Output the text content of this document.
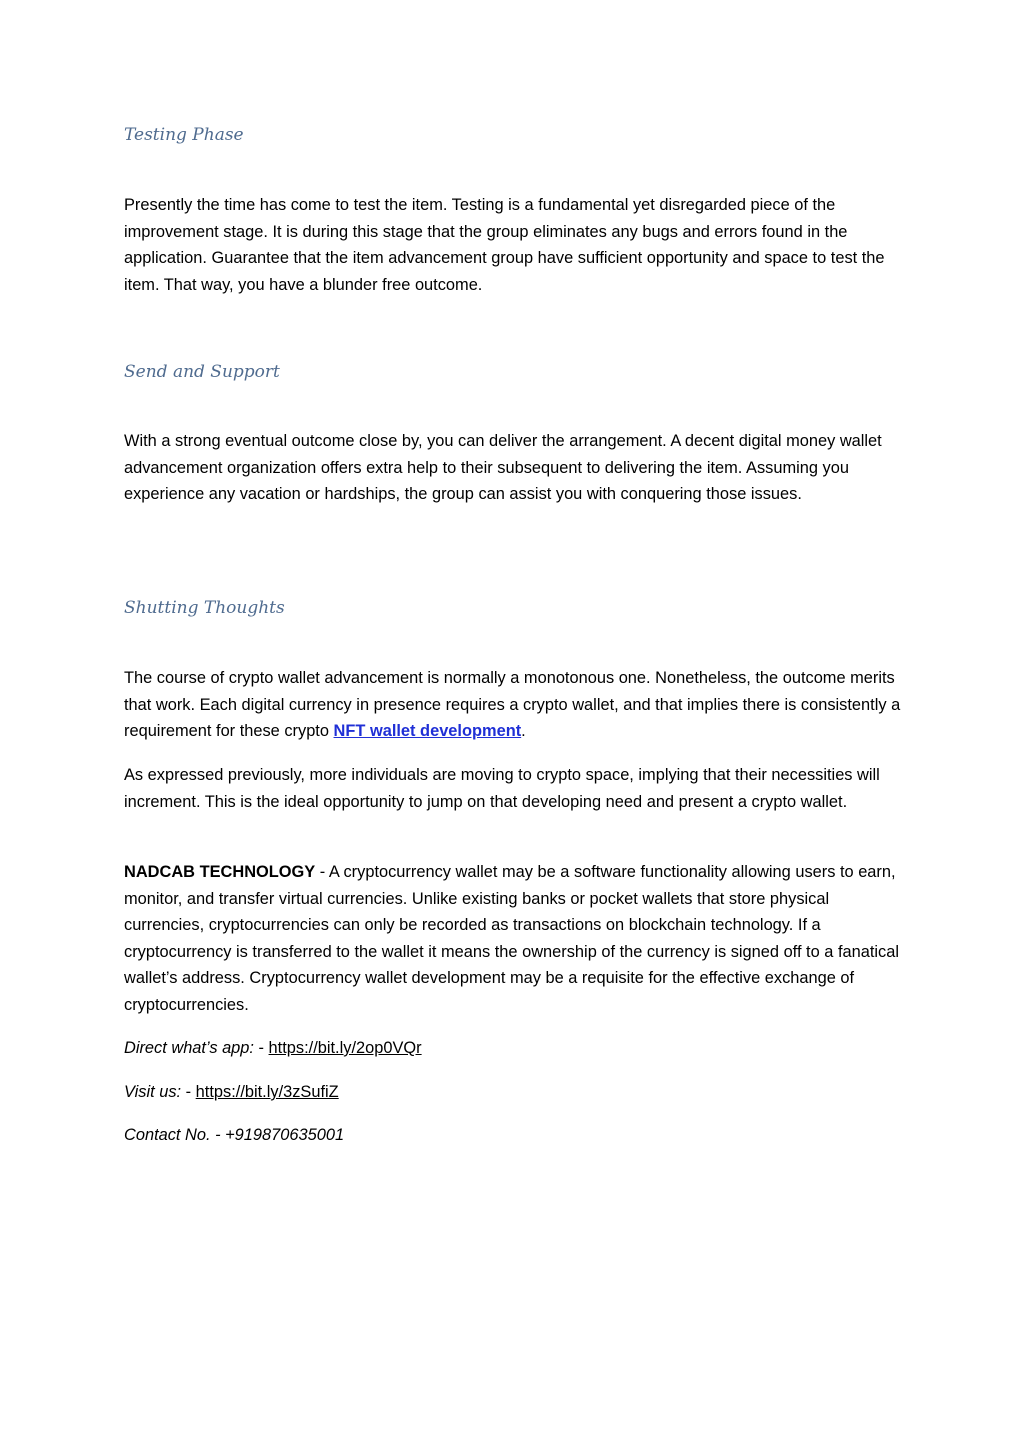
Testing Phase

Presently the time has come to test the item. Testing is a fundamental yet disregarded piece of the improvement stage. It is during this stage that the group eliminates any bugs and errors found in the application. Guarantee that the item advancement group have sufficient opportunity and space to test the item. That way, you have a blunder free outcome.

Send and Support

With a strong eventual outcome close by, you can deliver the arrangement. A decent digital money wallet advancement organization offers extra help to their subsequent to delivering the item. Assuming you experience any vacation or hardships, the group can assist you with conquering those issues.

Shutting Thoughts

The course of crypto wallet advancement is normally a monotonous one. Nonetheless, the outcome merits that work. Each digital currency in presence requires a crypto wallet, and that implies there is consistently a requirement for these crypto NFT wallet development.

As expressed previously, more individuals are moving to crypto space, implying that their necessities will increment. This is the ideal opportunity to jump on that developing need and present a crypto wallet.

NADCAB TECHNOLOGY - A cryptocurrency wallet may be a software functionality allowing users to earn, monitor, and transfer virtual currencies. Unlike existing banks or pocket wallets that store physical currencies, cryptocurrencies can only be recorded as transactions on blockchain technology. If a cryptocurrency is transferred to the wallet it means the ownership of the currency is signed off to a fanatical wallet’s address. Cryptocurrency wallet development may be a requisite for the effective exchange of cryptocurrencies.

Direct what’s app: - https://bit.ly/2op0VQr

Visit us: - https://bit.ly/3zSufiZ

Contact No. - +919870635001
